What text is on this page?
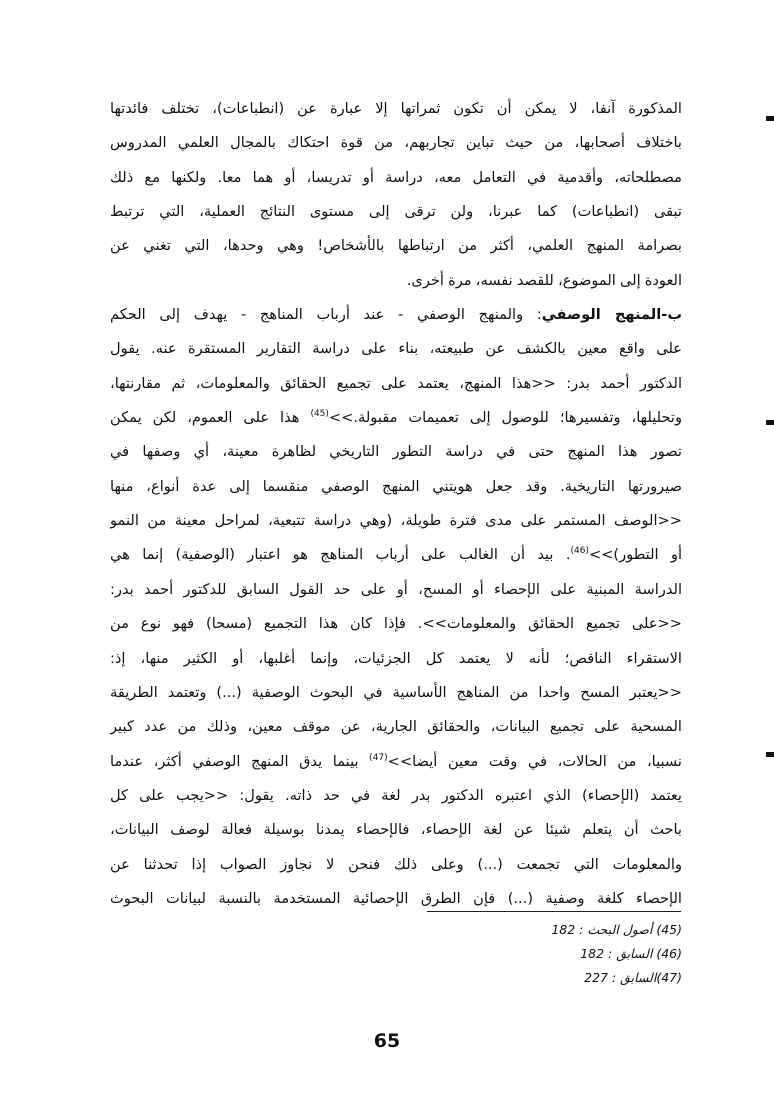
المذكورة آنفا، لا يمكن أن تكون ثمراتها إلا عبارة عن (انطباعات)، تختلف فائدتها
باختلاف أصحابها، من حيث تباين تجاربهم، من قوة احتكاك بالمجال العلمي المدروس
مصطلحاته، وأقدمية في التعامل معه، دراسة أو تدريسا، أو هما معا. ولكنها مع ذلك
تبقى (انطباعات) كما عبرنا، ولن ترقى إلى مستوى النتائج العملية، التي ترتبط
بصرامة المنهج العلمي، أكثر من ارتباطها بالأشخاص! وهي وحدها، التي تغني عن
العودة إلى الموضوع، للقصد نفسه، مرة أخرى.
ب-المنهج الوصفي: والمنهج الوصفي - عند أرباب المناهج - يهدف إلى الحكم
على واقع معين بالكشف عن طبيعته، بناء على دراسة التقارير المستقرة عنه. يقول
الدكتور أحمد بدر: <<هذا المنهج، يعتمد على تجميع الحقائق والمعلومات، ثم مقارنتها،
وتحليلها، وتفسيرها؛ للوصول إلى تعميمات مقبولة.>>$^{(45)}$ هذا على العموم، لكن يمكن
تصور هذا المنهج حتى في دراسة التطور التاريخي لظاهرة معينة، أي وصفها في
صيرورتها التاريخية. وقد جعل هويتني المنهج الوصفي منقسما إلى عدة أنواع، منها
<<الوصف المستمر على مدى فترة طويلة، (وهي دراسة تتبعية، لمراحل معينة من النمو
أو التطور)>>$^{(46)}$. بيد أن الغالب على أرباب المناهج هو اعتبار (الوصفية) إنما هي
الدراسة المبنية على الإحصاء أو المسح، أو على حد القول السابق للدكتور أحمد بدر:
<<على تجميع الحقائق والمعلومات>>. فإذا كان هذا التجميع (مسحا) فهو نوع من
الاستقراء الناقص؛ لأنه لا يعتمد كل الجزئيات، وإنما أغلبها، أو الكثير منها، إذ:
<<يعتبر المسح واحدا من المناهج الأساسية في البحوث الوصفية (...) وتعتمد الطريقة
المسحية على تجميع البيانات، والحقائق الجارية، عن موقف معين، وذلك من عدد كبير
نسبيا، من الحالات، في وقت معين أيضا>>$^{(47)}$ بينما يدق المنهج الوصفي أكثر، عندما
يعتمد (الإحصاء) الذي اعتبره الدكتور بدر لغة في حد ذاته. يقول: <<يجب على كل
باحث أن يتعلم شيئا عن لغة الإحصاء، فالإحصاء يمدنا بوسيلة فعالة لوصف البيانات،
والمعلومات التي تجمعت (...) وعلى ذلك فنحن لا نجاوز الصواب إذا تحدثنا عن
الإحصاء كلغة وصفية (...) فإن الطرق الإحصائية المستخدمة بالنسبة لبيانات البحوث
(45) أصول البحث : 182
(46) السابق : 182
(47)السابق : 227
65
